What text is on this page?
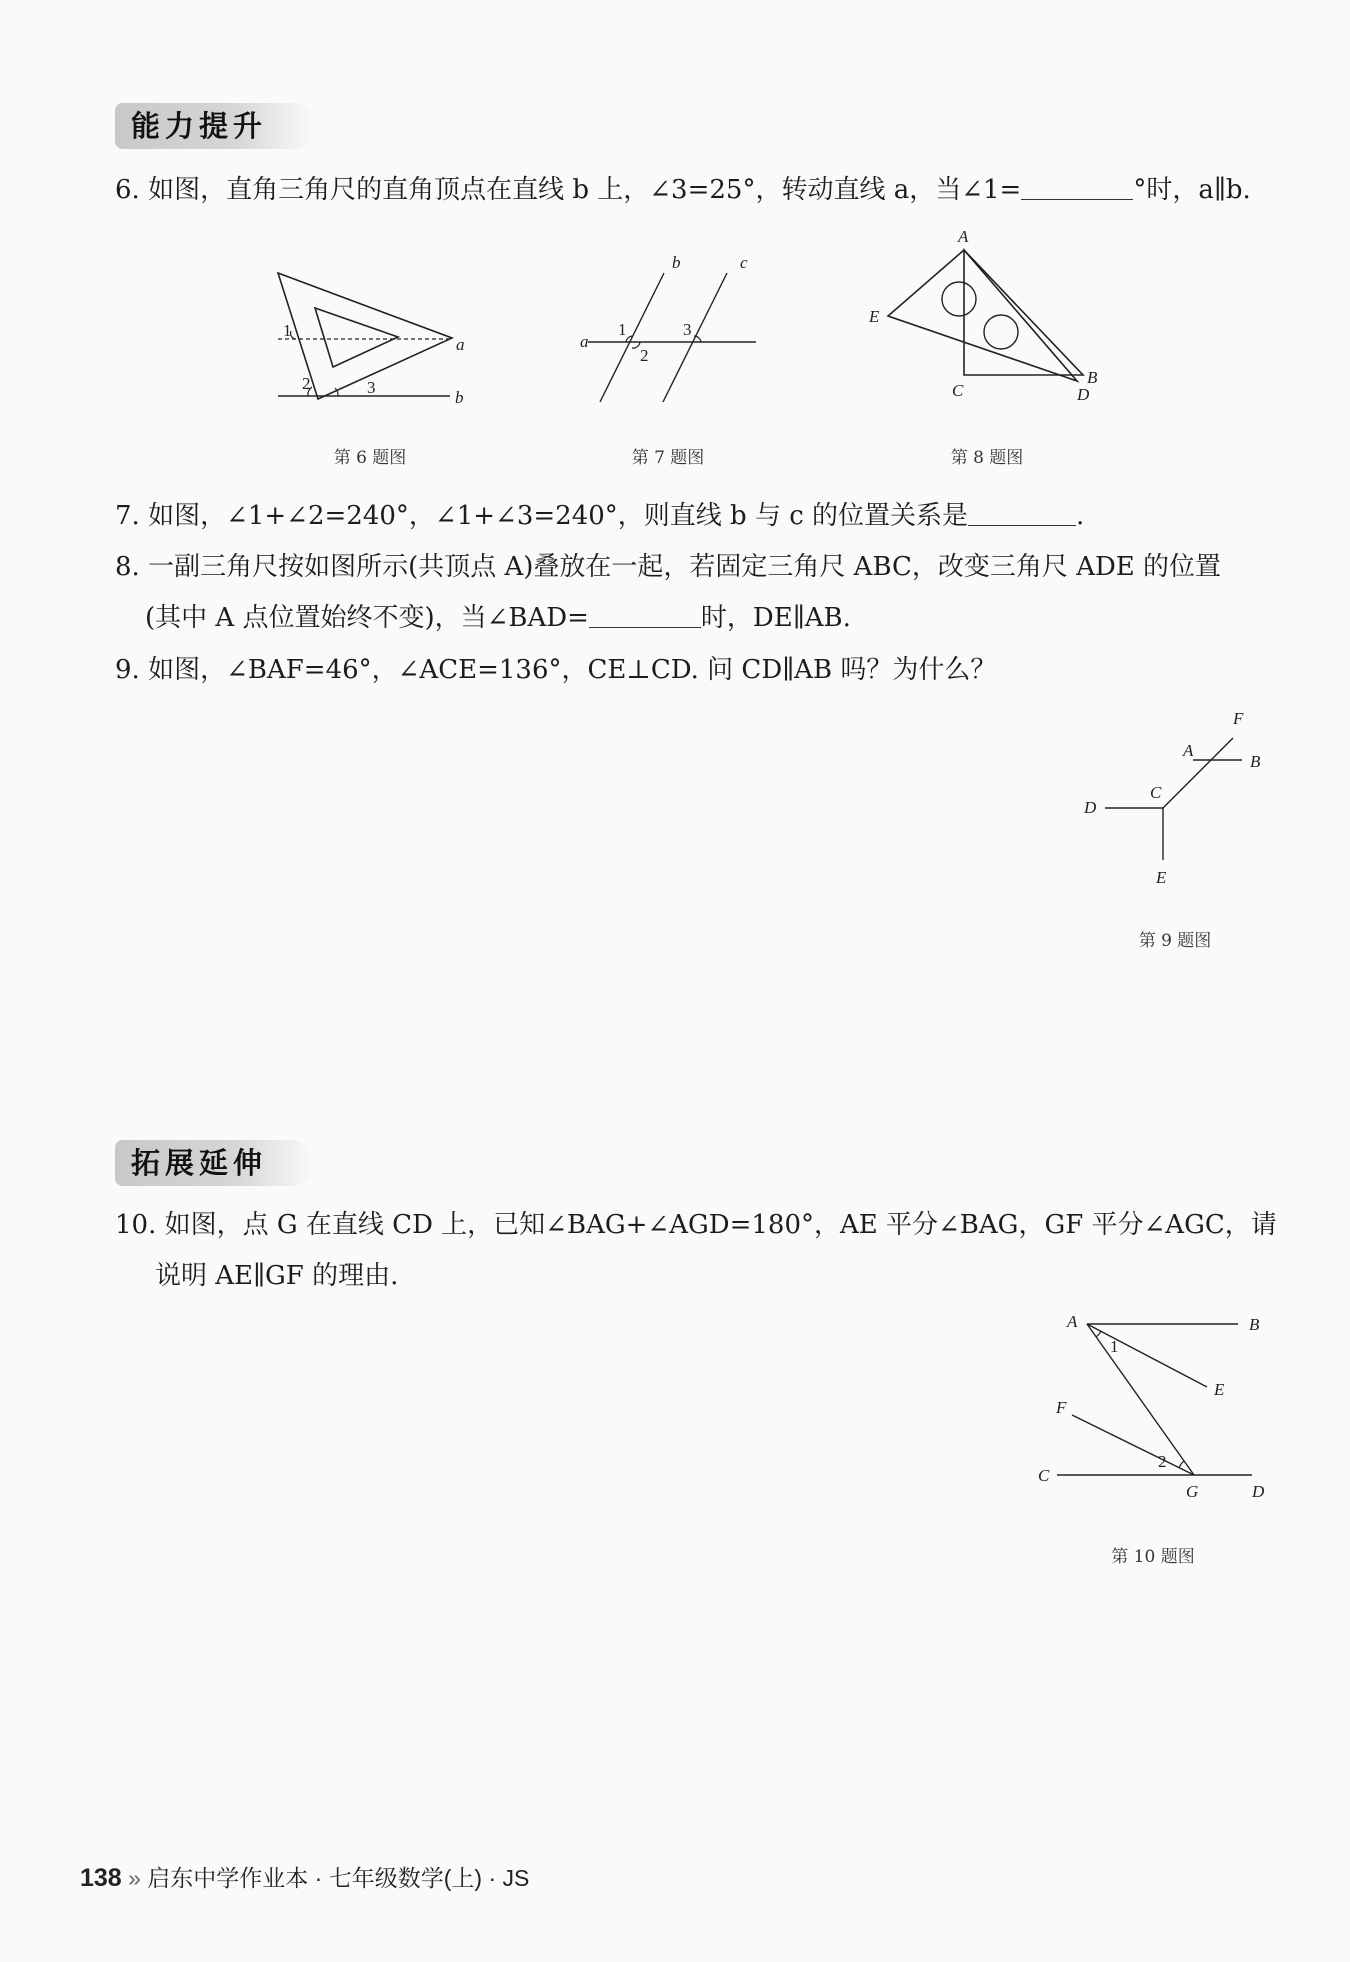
能力提升
6. 如图，直角三角尺的直角顶点在直线 b 上，∠3=25°，转动直线 a，当∠1=	°时，a∥b.
1
2	3
a
b
第 6 题图
1
2
3
a
b	c
第 7 题图
A
B
C	D
E
第 8 题图
7. 如图，∠1+∠2=240°，∠1+∠3=240°，则直线 b 与 c 的位置关系是	.
8. 一副三角尺按如图所示(共顶点 A)叠放在一起，若固定三角尺 ABC，改变三角尺 ADE 的位置
(其中 A 点位置始终不变)，当∠BAD=	时，DE∥AB.
9. 如图，∠BAF=46°，∠ACE=136°，CE⊥CD. 问 CD∥AB 吗？为什么？
A
B
C
D
E
F
第 9 题图
拓展延伸
10. 如图，点 G 在直线 CD 上，已知∠BAG+∠AGD=180°，AE 平分∠BAG，GF 平分∠AGC，请
说明 AE∥GF 的理由.
A	B
C
D
E
F
G
1
2
第 10 题图
138 » 启东中学作业本 · 七年级数学(上) · JS
